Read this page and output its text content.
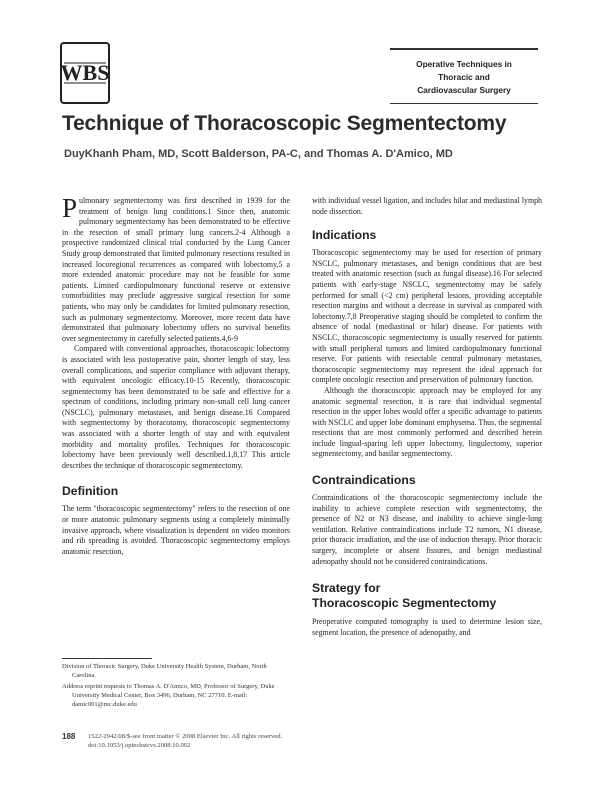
WBS	Operative Techniques in
Thoracic and
Cardiovascular Surgery
Technique of Thoracoscopic Segmentectomy
DuyKhanh Pham, MD, Scott Balderson, PA-C, and Thomas A. D'Amico, MD

Pulmonary segmentectomy was first described in 1939 for the treatment of benign lung conditions.1 Since then, anatomic pulmonary segmentectomy has been demonstrated to be effective in the resection of small primary lung cancers.2-4 Although a prospective randomized clinical trial conducted by the Lung Cancer Study group demonstrated that limited pulmonary resections resulted in increased locoregional recurrences as compared with lobectomy,5 a more extended anatomic procedure may not be feasible for some patients. Limited cardiopulmonary functional reserve or extensive comorbidities may preclude aggressive surgical resection for some patients, who may only be candidates for limited pulmonary resection, such as pulmonary segmentectomy. Moreover, more recent data have demonstrated that pulmonary lobectomy offers no survival benefits over segmentectomy in carefully selected patients.4,6-9

Compared with conventional approaches, thoracoscopic lobectomy is associated with less postoperative pain, shorter length of stay, less overall complications, and superior compliance with adjuvant therapy, with equivalent oncologic efficacy.10-15 Recently, thoracoscopic segmentectomy has been demonstrated to be safe and effective for a spectrum of conditions, including primary non-small cell lung cancer (NSCLC), pulmonary metastases, and benign disease.16 Compared with segmentectomy by thoracotomy, thoracoscopic segmentectomy was associated with a shorter length of stay and with equivalent morbidity and mortality profiles. Techniques for thoracoscopic lobectomy have been previously well described.1,8,17 This article describes the technique of thoracoscopic segmentectomy.

Definition

The term "thoracoscopic segmentectomy" refers to the resection of one or more anatomic pulmonary segments using a completely minimally invasive approach, where visualization is dependent on video monitors and rib spreading is avoided. Thoracoscopic segmentectomy employs anatomic resection,

with individual vessel ligation, and includes hilar and mediastinal lymph node dissection.

Indications

Thoracoscopic segmentectomy may be used for resection of primary NSCLC, pulmonary metastases, and benign conditions that are best treated with anatomic resection (such as fungal disease).16 For selected patients with early-stage NSCLC, segmentectomy may be safely performed for small (<2 cm) peripheral lesions, providing acceptable resection margins and without a decrease in survival as compared with lobectomy.7,8 Preoperative staging should be completed to confirm the absence of nodal (mediastinal or hilar) disease. For patients with NSCLC, thoracoscopic segmentectomy is usually reserved for patients with small peripheral tumors and limited cardiopulmonary functional reserve. For patients with resectable central pulmonary metastases, thoracoscopic segmentectomy may represent the ideal approach for complete oncologic resection and preservation of pulmonary function.

Although the thoracoscopic approach may be employed for any anatomic segmental resection, it is rare that individual segmental resection in the upper lobes would offer a specific advantage to patients with NSCLC and upper lobe dominant emphysema. Thus, the segmental resections that are most commonly performed and described herein include lingual-sparing left upper lobectomy, lingulectomy, superior segmentectomy, and basilar segmentectomy.

Contraindications

Contraindications of the thoracoscopic segmentectomy include the inability to achieve complete resection with segmentectomy, the presence of N2 or N3 disease, and inability to achieve single-lung ventilation. Relative contraindications include T2 tumors, N1 disease, prior thoracic irradiation, and the use of induction therapy. Prior thoracic surgery, incomplete or absent fissures, and benign mediastinal adenopathy should not be considered contraindications.

Strategy for
Thoracoscopic Segmentectomy

Preoperative computed tomography is used to determine lesion size, segment location, the presence of adenopathy, and

Division of Thoracic Surgery, Duke University Health System, Durham, North Carolina.

Address reprint requests to Thomas A. D'Amico, MD, Professor of Surgery, Duke University Medical Center, Box 3496, Durham, NC 27710. E-mail: damic001@mc.duke.edu

188 1522-2942/08/$-see front matter © 2008 Elsevier Inc. All rights reserved.
doi:10.1053/j.optechstcvs.2008.10.002
